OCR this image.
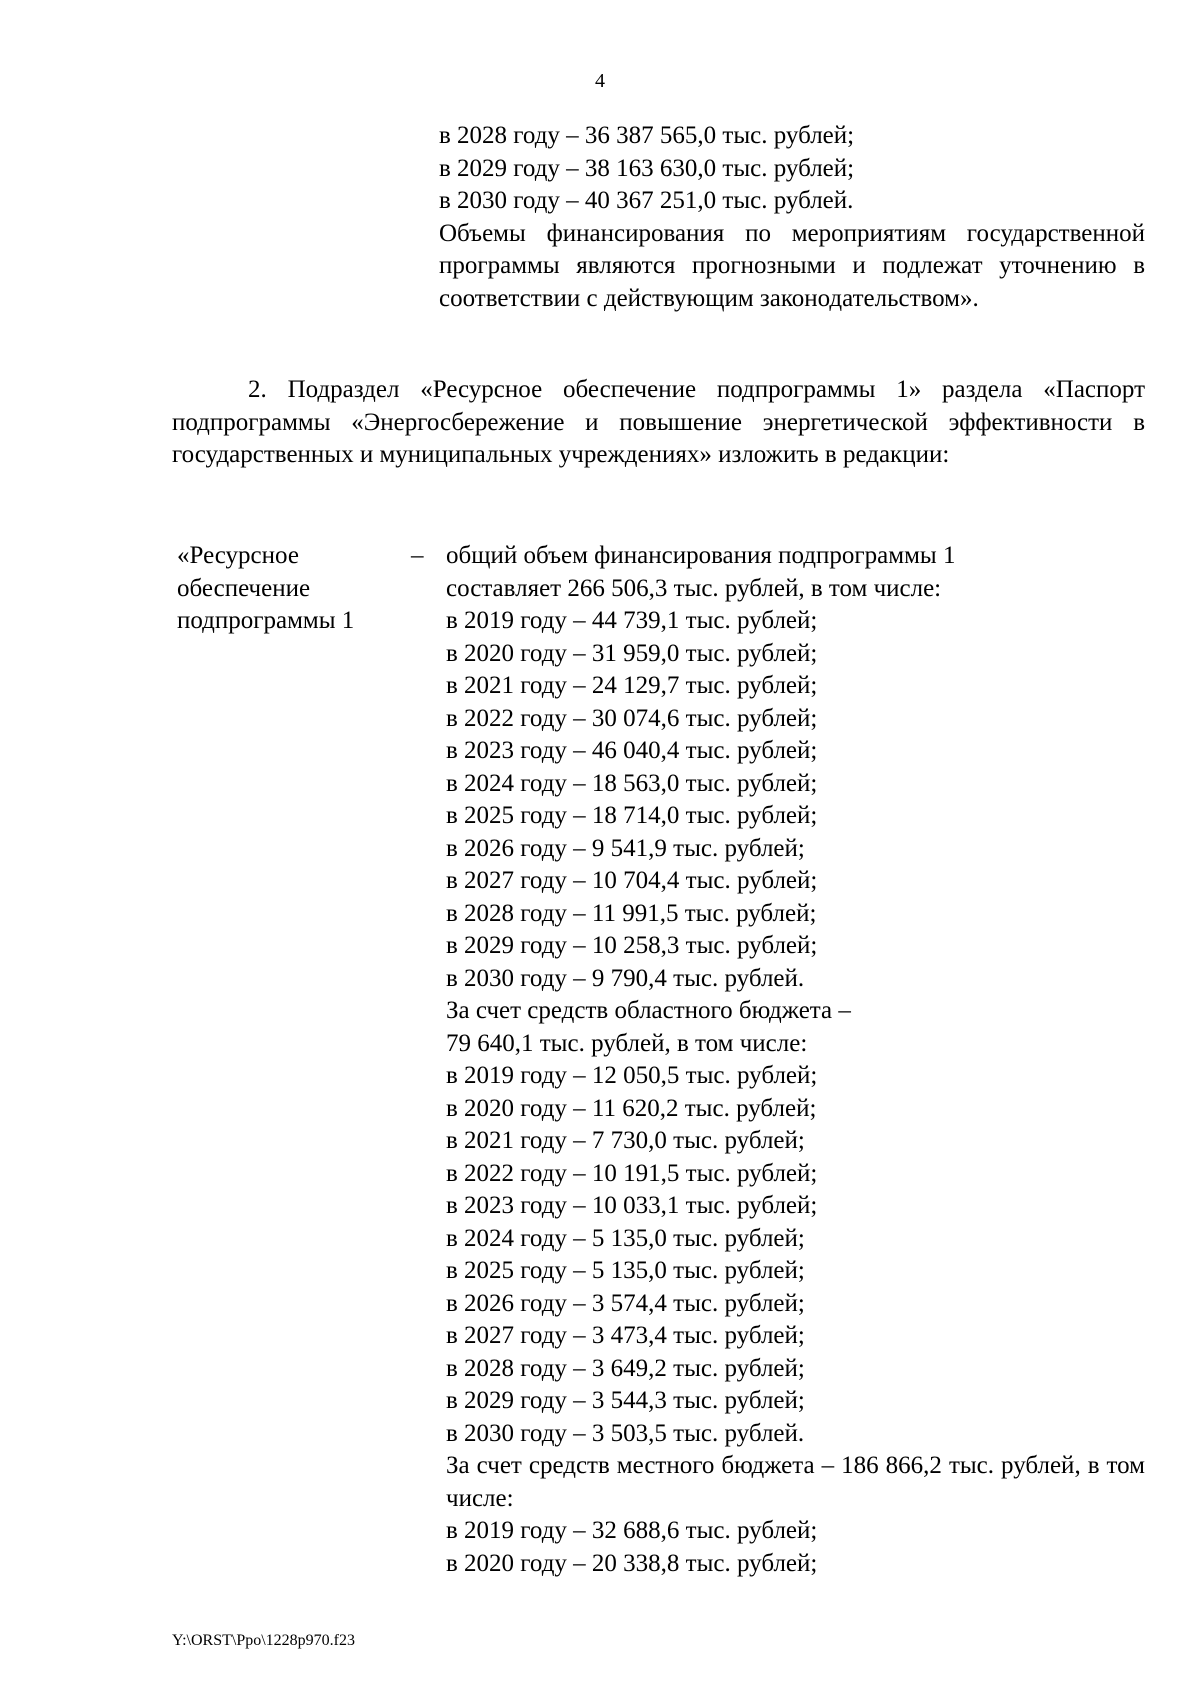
4
в 2028 году – 36 387 565,0 тыс. рублей;
в 2029 году – 38 163 630,0 тыс. рублей;
в 2030 году – 40 367 251,0 тыс. рублей.
Объемы финансирования по мероприятиям государственной программы являются прогнозными и подлежат уточнению в соответствии с действующим законодательством».
2. Подраздел «Ресурсное обеспечение подпрограммы 1» раздела «Паспорт подпрограммы «Энергосбережение и повышение энергетической эффективности в государственных и муниципальных учреждениях» изложить в редакции:
«Ресурсное
обеспечение
подпрограммы 1
– общий объем финансирования подпрограммы 1
составляет 266 506,3 тыс. рублей, в том числе:
в 2019 году – 44 739,1 тыс. рублей;
в 2020 году – 31 959,0 тыс. рублей;
в 2021 году – 24 129,7 тыс. рублей;
в 2022 году – 30 074,6 тыс. рублей;
в 2023 году – 46 040,4 тыс. рублей;
в 2024 году – 18 563,0 тыс. рублей;
в 2025 году – 18 714,0 тыс. рублей;
в 2026 году – 9 541,9 тыс. рублей;
в 2027 году – 10 704,4 тыс. рублей;
в 2028 году – 11 991,5 тыс. рублей;
в 2029 году – 10 258,3 тыс. рублей;
в 2030 году – 9 790,4 тыс. рублей.
За счет средств областного бюджета –
79 640,1 тыс. рублей, в том числе:
в 2019 году – 12 050,5 тыс. рублей;
в 2020 году – 11 620,2 тыс. рублей;
в 2021 году – 7 730,0 тыс. рублей;
в 2022 году – 10 191,5 тыс. рублей;
в 2023 году – 10 033,1 тыс. рублей;
в 2024 году – 5 135,0 тыс. рублей;
в 2025 году – 5 135,0 тыс. рублей;
в 2026 году – 3 574,4 тыс. рублей;
в 2027 году – 3 473,4 тыс. рублей;
в 2028 году – 3 649,2 тыс. рублей;
в 2029 году – 3 544,3 тыс. рублей;
в 2030 году – 3 503,5 тыс. рублей.
За счет средств местного бюджета – 186 866,2 тыс. рублей, в том числе:
в 2019 году – 32 688,6 тыс. рублей;
в 2020 году – 20 338,8 тыс. рублей;
Y:\ORST\Ppo\1228p970.f23
